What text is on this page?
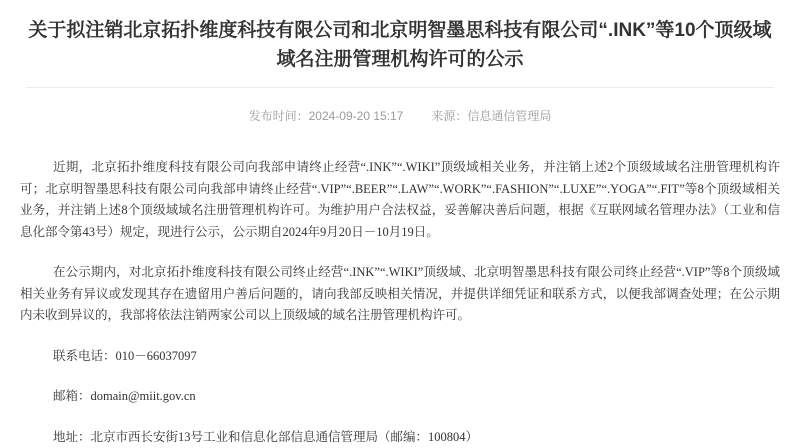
关于拟注销北京拓扑维度科技有限公司和北京明智墨思科技有限公司“.INK”等10个顶级域域名注册管理机构许可的公示
发布时间：2024-09-20 15:17 来源：信息通信管理局

近期，北京拓扑维度科技有限公司向我部申请终止经营“.INK”“.WIKI”顶级域相关业务，并注销上述2个顶级域域名注册管理机构许可；北京明智墨思科技有限公司向我部申请终止经营“.VIP”“.BEER”“.LAW”“.WORK”“.FASHION”“.LUXE”“.YOGA”“.FIT”等8个顶级域相关业务，并注销上述8个顶级域域名注册管理机构许可。为维护用户合法权益，妥善解决善后问题，根据《互联网域名管理办法》（工业和信息化部令第43号）规定，现进行公示，公示期自2024年9月20日－10月19日。

在公示期内，对北京拓扑维度科技有限公司终止经营“.INK”“.WIKI”顶级域、北京明智墨思科技有限公司终止经营“.VIP”等8个顶级域相关业务有异议或发现其存在遗留用户善后问题的，请向我部反映相关情况，并提供详细凭证和联系方式，以便我部调查处理；在公示期内未收到异议的，我部将依法注销两家公司以上顶级域的域名注册管理机构许可。

联系电话：010－66037097

邮箱：domain@miit.gov.cn

地址：北京市西长安街13号工业和信息化部信息通信管理局（邮编：100804）
